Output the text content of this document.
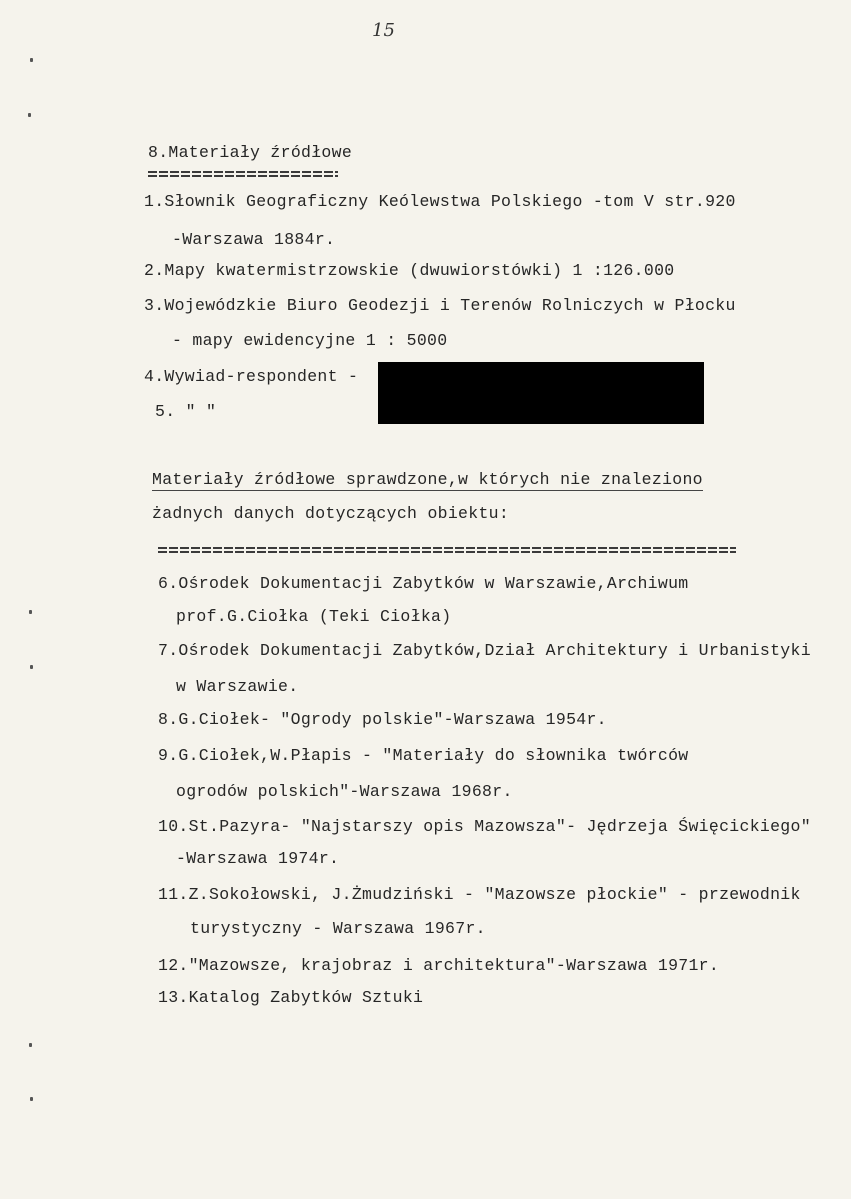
15
8.Materiały źródłowe
1.Słownik Geograficzny Keólewstwa Polskiego -tom V str.920
-Warszawa 1884r.
2.Mapy kwatermistrzowskie (dwuwiorstówki) 1 :126.000
3.Wojewódzkie Biuro Geodezji i Terenów Rolniczych w Płocku
- mapy ewidencyjne 1 : 5000
4.Wywiad-respondent -
5. " "
Materiały źródłowe sprawdzone,w których nie znaleziono
żadnych danych dotyczących obiektu:
6.Ośrodek Dokumentacji Zabytków w Warszawie,Archiwum
prof.G.Ciołka (Teki Ciołka)
7.Ośrodek Dokumentacji Zabytków,Dział Architektury i Urbanistyki
w Warszawie.
8.G.Ciołek- "Ogrody polskie"-Warszawa 1954r.
9.G.Ciołek,W.Płapis - "Materiały do słownika twórców
ogrodów polskich"-Warszawa 1968r.
10.St.Pazyra- "Najstarszy opis Mazowsza"- Jędrzeja Święcickiego"
-Warszawa 1974r.
11.Z.Sokołowski, J.Żmudziński - "Mazowsze płockie" - przewodnik
turystyczny - Warszawa 1967r.
12."Mazowsze, krajobraz i architektura"-Warszawa 1971r.
13.Katalog Zabytków Sztuki
